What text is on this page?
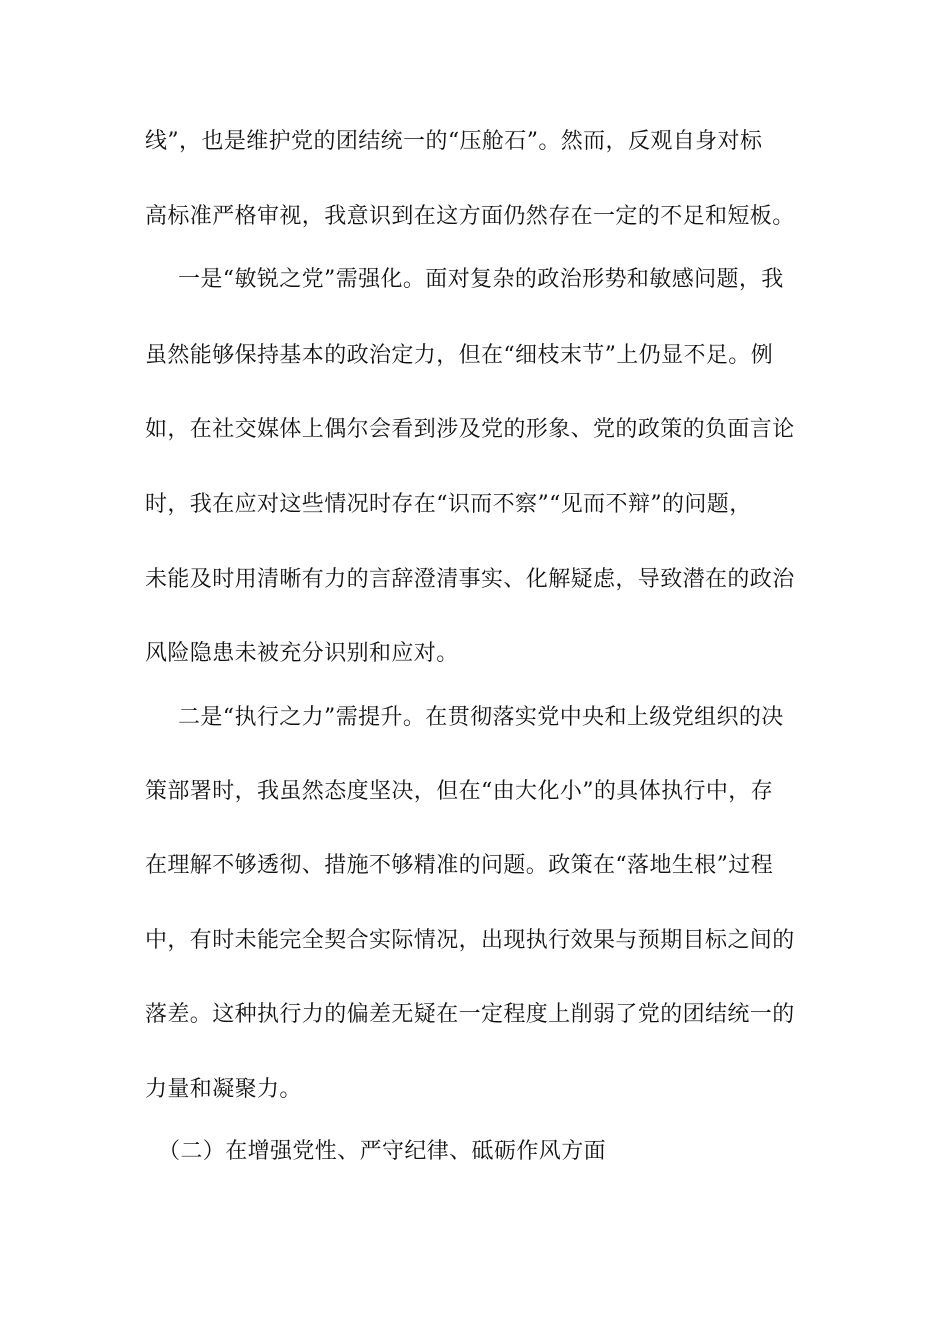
线”，也是维护党的团结统一的“压舱石”。然而，反观自身对标
高标准严格审视，我意识到在这方面仍然存在一定的不足和短板。
一是“敏锐之党”需强化。面对复杂的政治形势和敏感问题，我
虽然能够保持基本的政治定力，但在“细枝末节”上仍显不足。例
如，在社交媒体上偶尔会看到涉及党的形象、党的政策的负面言论
时，我在应对这些情况时存在“识而不察”“见而不辩”的问题，
未能及时用清晰有力的言辞澄清事实、化解疑虑，导致潜在的政治
风险隐患未被充分识别和应对。
二是“执行之力”需提升。在贯彻落实党中央和上级党组织的决
策部署时，我虽然态度坚决，但在“由大化小”的具体执行中，存
在理解不够透彻、措施不够精准的问题。政策在“落地生根”过程
中，有时未能完全契合实际情况，出现执行效果与预期目标之间的
落差。这种执行力的偏差无疑在一定程度上削弱了党的团结统一的
力量和凝聚力。
（二）在增强党性、严守纪律、砥砺作风方面
